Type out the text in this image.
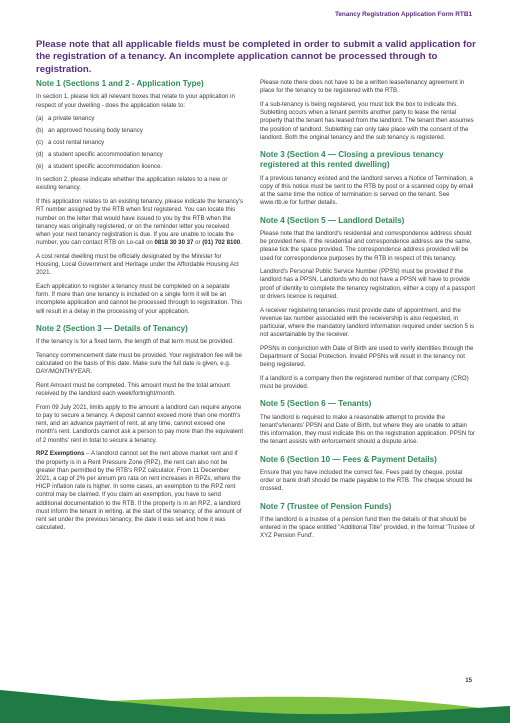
Tenancy Registration Application Form RTB1
Please note that all applicable fields must be completed in order to submit a valid application for the registration of a tenancy. An incomplete application cannot be processed through to registration.
Note 1 (Sections 1 and 2 - Application Type)

In section 1, please tick all relevant boxes that relate to your application in respect of your dwelling - does the application relate to:

(a) a private tenancy
(b) an approved housing body tenancy
(c) a cost rental tenancy
(d) a student specific accommodation tenancy
(e) a student specific accommodation licence.

In section 2, please indicate whether the application relates to a new or existing tenancy.

If this application relates to an existing tenancy, please indicate the tenancy's RT number assigned by the RTB when first registered. You can locate this number on the letter that would have issued to you by the RTB when the tenancy was originally registered, or on the reminder letter you received when your next tenancy registration is due. If you are unable to locate the number, you can contact RTB on Lo-call on 0818 30 30 37 or (01) 702 8100.

A cost rental dwelling must be officially designated by the Minister for Housing, Local Government and Heritage under the Affordable Housing Act 2021.

Each application to register a tenancy must be completed on a separate form. If more than one tenancy is included on a single form it will be an incomplete application and cannot be processed through to registration. This will result in a delay in the processing of your application.

Note 2 (Section 3 — Details of Tenancy)

If the tenancy is for a fixed term, the length of that term must be provided.

Tenancy commencement date must be provided. Your registration fee will be calculated on the basis of this date. Make sure the full date is given, e.g. DAY/MONTH/YEAR.

Rent Amount must be completed. This amount must be the total amount received by the landlord each week/fortnight/month.

From 09 July 2021, limits apply to the amount a landlord can require anyone to pay to secure a tenancy. A deposit cannot exceed more than one month's rent, and an advance payment of rent, at any time, cannot exceed one month's rent. Landlords cannot ask a person to pay more than the equivalent of 2 months' rent in total to secure a tenancy.

RPZ Exemptions – A landlord cannot set the rent above market rent and if the property is in a Rent Pressure Zone (RPZ), the rent can also not be greater than permitted by the RTB's RPZ calculator. From 11 December 2021, a cap of 2% per annum pro rata on rent increases in RPZs, where the HICP inflation rate is higher. In some cases, an exemption to the RPZ rent control may be claimed. If you claim an exemption, you have to send additional documentation to the RTB. If the property is in an RPZ, a landlord must inform the tenant in writing, at the start of the tenancy, of the amount of rent set under the previous tenancy, the date it was set and how it was calculated.

Please note there does not have to be a written lease/tenancy agreement in place for the tenancy to be registered with the RTB.

If a sub-tenancy is being registered, you must tick the box to indicate this. Subletting occurs when a tenant permits another party to lease the rental property that the tenant has leased from the landlord. The tenant then assumes the position of landlord. Subletting can only take place with the consent of the landlord. Both the original tenancy and the sub tenancy is registered.

Note 3 (Section 4 — Closing a previous tenancy registered at this rented dwelling)

If a previous tenancy existed and the landlord serves a Notice of Termination, a copy of this notice must be sent to the RTB by post or a scanned copy by email at the same time the notice of termination is served on the tenant. See www.rtb.ie for further details.

Note 4 (Section 5 — Landlord Details)

Please note that the landlord's residential and correspondence address should be provided here. If the residential and correspondence address are the same, please tick the space provided. The correspondence address provided will be used for correspondence purposes by the RTB in respect of this tenancy.

Landlord's Personal Public Service Number (PPSN) must be provided if the landlord has a PPSN. Landlords who do not have a PPSN will have to provide proof of identity to complete the tenancy registration, either a copy of a passport or drivers licence is required.

A receiver registering tenancies must provide date of appointment, and the revenue tax number associated with the receivership is also requested, in particular, where the mandatory landlord information required under section 5 is not ascertainable by the receiver.

PPSNs in conjunction with Date of Birth are used to verify identities through the Department of Social Protection. Invalid PPSNs will result in the tenancy not being registered.

If a landlord is a company then the registered number of that company (CRO) must be provided.

Note 5 (Section 6 — Tenants)

The landlord is required to make a reasonable attempt to provide the tenant's/tenants' PPSN and Date of Birth, but where they are unable to attain this information, they must indicate this on the registration application. PPSN for the tenant assists with enforcement should a dispute arise.

Note 6 (Section 10 — Fees & Payment Details)

Ensure that you have included the correct fee. Fees paid by cheque, postal order or bank draft should be made payable to the RTB. The cheque should be crossed.

Note 7 (Trustee of Pension Funds)

If the landlord is a trustee of a pension fund then the details of that should be entered in the space entitled "Additional Title" provided, in the format 'Trustee of XYZ Pension Fund'.

15
